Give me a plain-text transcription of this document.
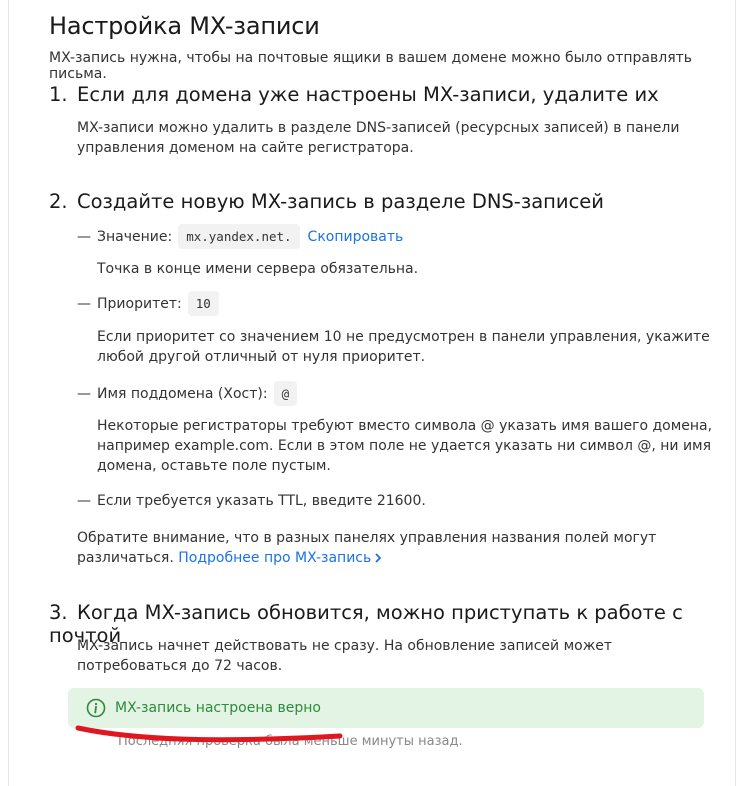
Настройка MX-записи

MX-запись нужна, чтобы на почтовые ящики в вашем домене можно было отправлять письма.

1. Если для домена уже настроены MX-записи, удалите их

MX-записи можно удалить в разделе DNS-записей (ресурсных записей) в панели управления доменом на сайте регистратора.

2. Создайте новую MX-запись в разделе DNS-записей
— Значение:	mx.yandex.net.	Скопировать

Точка в конце имени сервера обязательна.

— Приоритет:	10

Если приоритет со значением 10 не предусмотрен в панели управления, укажите любой другой отличный от нуля приоритет.

— Имя поддомена (Хост):	@

Некоторые регистраторы требуют вместо символа @ указать имя вашего домена, например example.com. Если в этом поле не удается указать ни символ @, ни имя домена, оставьте поле пустым.

— Если требуется указать TTL, введите 21600.

Обратите внимание, что в разных панелях управления названия полей могут различаться. Подробнее про MX-запись

3. Когда MX-запись обновится, можно приступать к работе с почтой

MX-запись начнет действовать не сразу. На обновление записей может потребоваться до 72 часов.

MX-запись настроена верно

Последняя проверка была меньше минуты назад.
